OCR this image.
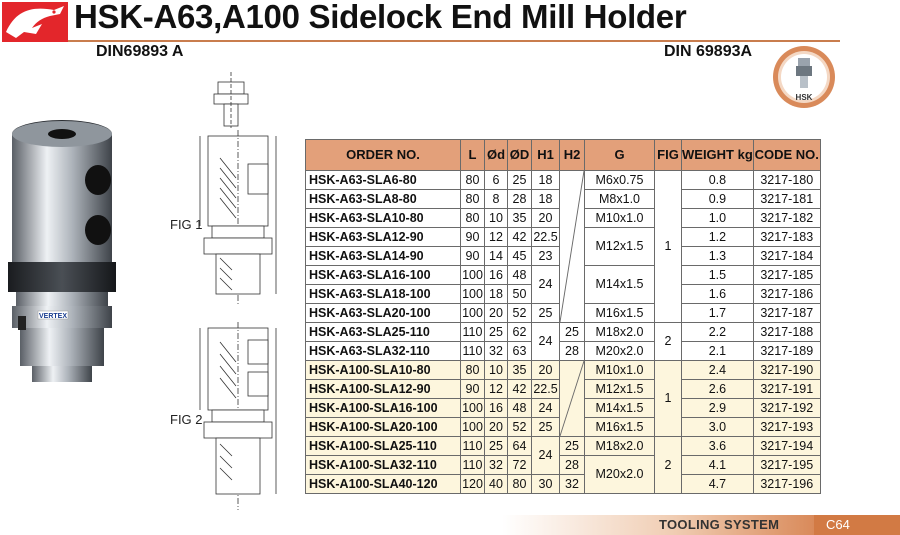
HSK-A63,A100 Sidelock End Mill Holder
DIN69893 A	DIN 69893A
HSK
VERTEX
FIG 1
FIG 2
ORDER NO.	L	Ød	ØD	H1	H2	G	FIG	WEIGHT kg	CODE NO.
HSK-A63-SLA6-80	80	6	25	18		M6x0.75	1	0.8	3217-180
HSK-A63-SLA8-80	80	8	28	18		M8x1.0		0.9	3217-181
HSK-A63-SLA10-80	80	10	35	20		M10x1.0		1.0	3217-182
HSK-A63-SLA12-90	90	12	42	22.5		M12x1.5		1.2	3217-183
HSK-A63-SLA14-90	90	14	45	23				1.3	3217-184
HSK-A63-SLA16-100	100	16	48	24		M14x1.5		1.5	3217-185
HSK-A63-SLA18-100	100	18	50					1.6	3217-186
HSK-A63-SLA20-100	100	20	52	25		M16x1.5		1.7	3217-187
HSK-A63-SLA25-110	110	25	62	24	25	M18x2.0	2	2.2	3217-188
HSK-A63-SLA32-110	110	32	63		28	M20x2.0		2.1	3217-189
HSK-A100-SLA10-80	80	10	35	20		M10x1.0	1	2.4	3217-190
HSK-A100-SLA12-90	90	12	42	22.5		M12x1.5		2.6	3217-191
HSK-A100-SLA16-100	100	16	48	24		M14x1.5		2.9	3217-192
HSK-A100-SLA20-100	100	20	52	25		M16x1.5		3.0	3217-193
HSK-A100-SLA25-110	110	25	64	24	25	M18x2.0	2	3.6	3217-194
HSK-A100-SLA32-110	110	32	72		28	M20x2.0		4.1	3217-195
HSK-A100-SLA40-120	120	40	80	30	32			4.7	3217-196
TOOLING SYSTEM	C64
